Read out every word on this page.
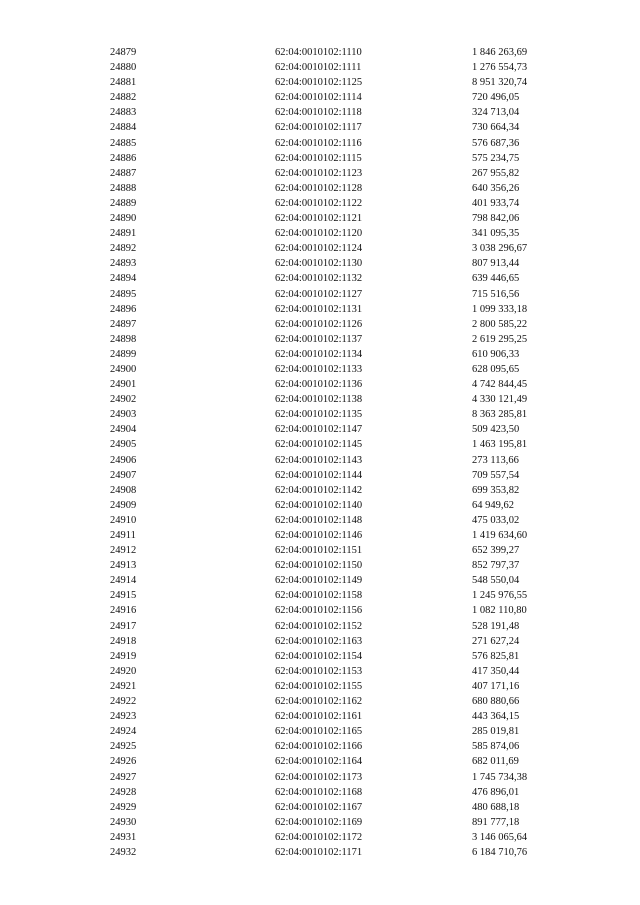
24879	62:04:0010102:1110	1 846 263,69
24880	62:04:0010102:1111	1 276 554,73
24881	62:04:0010102:1125	8 951 320,74
24882	62:04:0010102:1114	720 496,05
24883	62:04:0010102:1118	324 713,04
24884	62:04:0010102:1117	730 664,34
24885	62:04:0010102:1116	576 687,36
24886	62:04:0010102:1115	575 234,75
24887	62:04:0010102:1123	267 955,82
24888	62:04:0010102:1128	640 356,26
24889	62:04:0010102:1122	401 933,74
24890	62:04:0010102:1121	798 842,06
24891	62:04:0010102:1120	341 095,35
24892	62:04:0010102:1124	3 038 296,67
24893	62:04:0010102:1130	807 913,44
24894	62:04:0010102:1132	639 446,65
24895	62:04:0010102:1127	715 516,56
24896	62:04:0010102:1131	1 099 333,18
24897	62:04:0010102:1126	2 800 585,22
24898	62:04:0010102:1137	2 619 295,25
24899	62:04:0010102:1134	610 906,33
24900	62:04:0010102:1133	628 095,65
24901	62:04:0010102:1136	4 742 844,45
24902	62:04:0010102:1138	4 330 121,49
24903	62:04:0010102:1135	8 363 285,81
24904	62:04:0010102:1147	509 423,50
24905	62:04:0010102:1145	1 463 195,81
24906	62:04:0010102:1143	273 113,66
24907	62:04:0010102:1144	709 557,54
24908	62:04:0010102:1142	699 353,82
24909	62:04:0010102:1140	64 949,62
24910	62:04:0010102:1148	475 033,02
24911	62:04:0010102:1146	1 419 634,60
24912	62:04:0010102:1151	652 399,27
24913	62:04:0010102:1150	852 797,37
24914	62:04:0010102:1149	548 550,04
24915	62:04:0010102:1158	1 245 976,55
24916	62:04:0010102:1156	1 082 110,80
24917	62:04:0010102:1152	528 191,48
24918	62:04:0010102:1163	271 627,24
24919	62:04:0010102:1154	576 825,81
24920	62:04:0010102:1153	417 350,44
24921	62:04:0010102:1155	407 171,16
24922	62:04:0010102:1162	680 880,66
24923	62:04:0010102:1161	443 364,15
24924	62:04:0010102:1165	285 019,81
24925	62:04:0010102:1166	585 874,06
24926	62:04:0010102:1164	682 011,69
24927	62:04:0010102:1173	1 745 734,38
24928	62:04:0010102:1168	476 896,01
24929	62:04:0010102:1167	480 688,18
24930	62:04:0010102:1169	891 777,18
24931	62:04:0010102:1172	3 146 065,64
24932	62:04:0010102:1171	6 184 710,76
